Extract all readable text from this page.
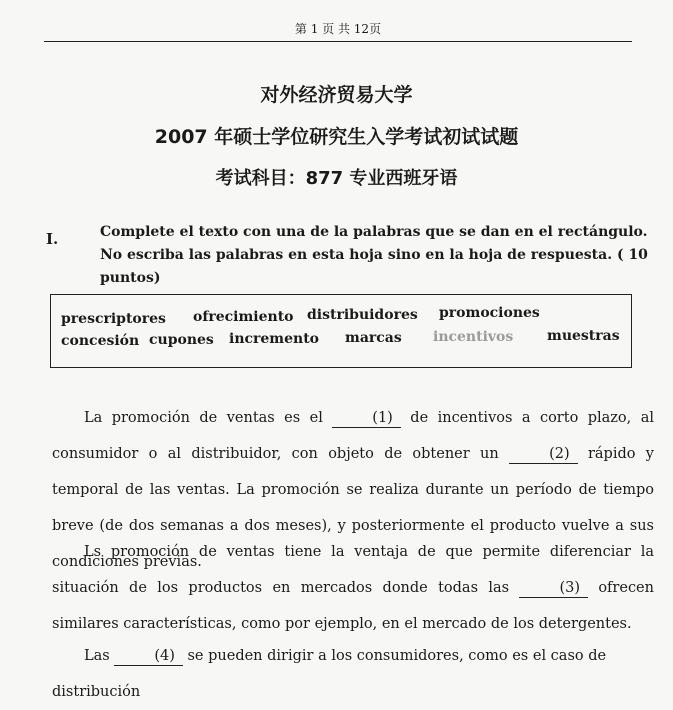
第 1 页 共 12页
对外经济贸易大学
2007 年硕士学位研究生入学考试初试试题
考试科目：877 专业西班牙语
I.	Complete el texto con una de la palabras que se dan en el rectángulo. No escriba las palabras en esta hoja sino en la hoja de respuesta. ( 10 puntos)
prescriptores ofrecimiento distribuidores promociones
concesión cupones incremento marcas incentivos muestras
La promoción de ventas es el	(1) de incentivos a corto plazo, al consumidor o al distribuidor, con objeto de obtener un	(2) rápido y temporal de las ventas. La promoción se realiza durante un período de tiempo breve (de dos semanas a dos meses), y posteriormente el producto vuelve a sus condiciones previas.
Ls promoción de ventas tiene la ventaja de que permite diferenciar la situación de los productos en mercados donde todas las	(3) ofrecen similares características, como por ejemplo, en el mercado de los detergentes.
Las	(4) se pueden dirigir a los consumidores, como es el caso de distribución
